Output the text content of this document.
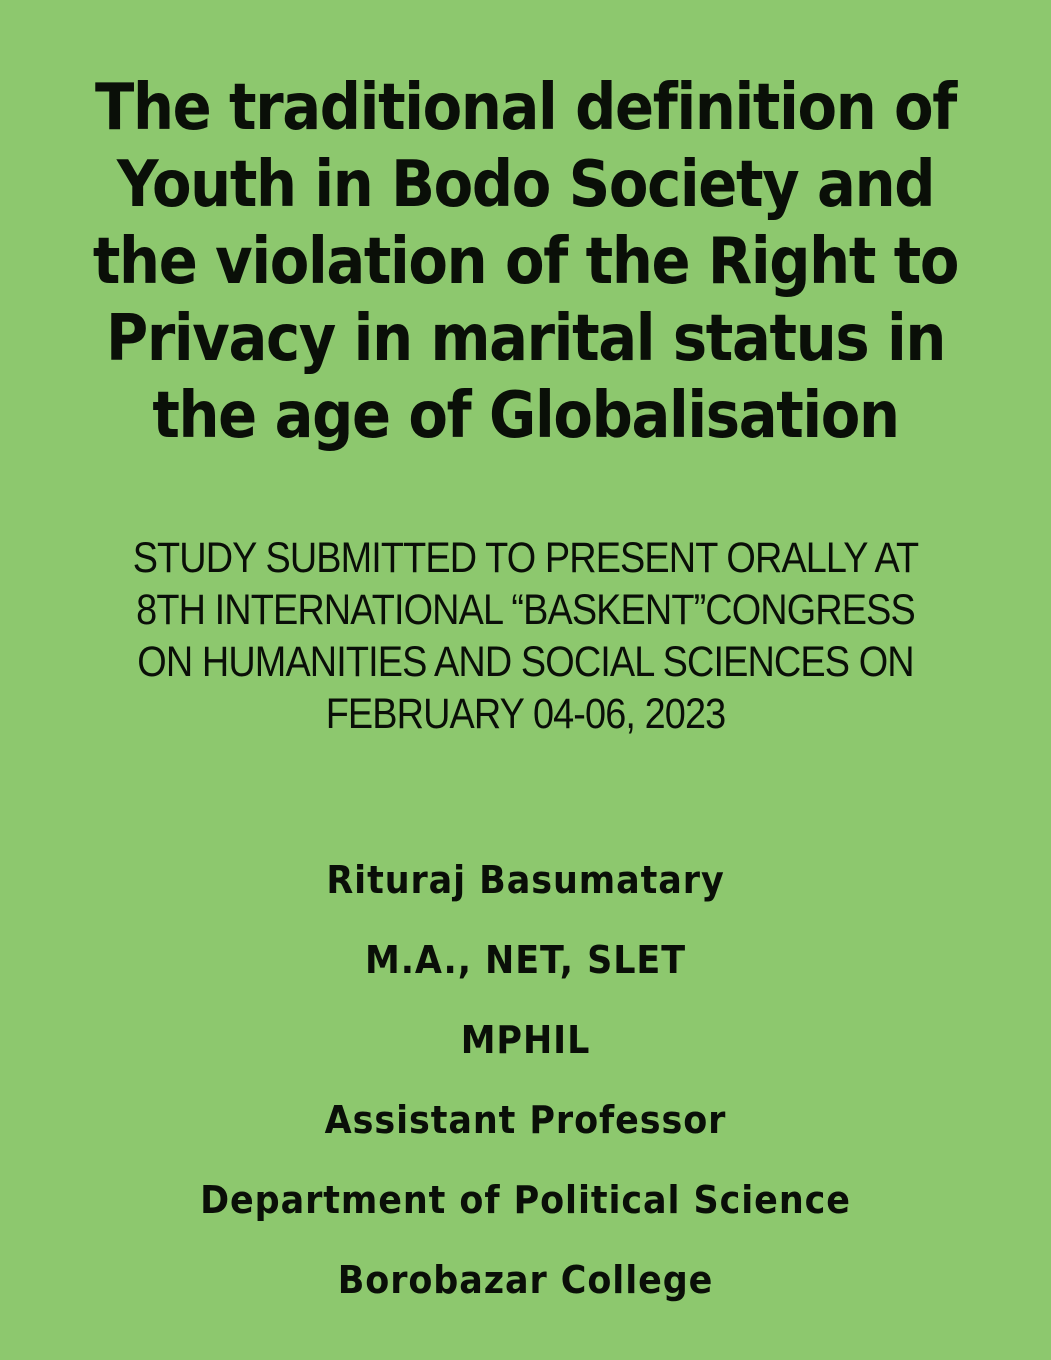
The traditional definition of
Youth in Bodo Society and
the violation of the Right to
Privacy in marital status in
the age of Globalisation
STUDY SUBMITTED TO PRESENT ORALLY AT
8TH INTERNATIONAL “BASKENT”CONGRESS
ON HUMANITIES AND SOCIAL SCIENCES ON
FEBRUARY 04-06, 2023
Rituraj Basumatary
M.A., NET, SLET
MPHIL
Assistant Professor
Department of Political Science
Borobazar College
